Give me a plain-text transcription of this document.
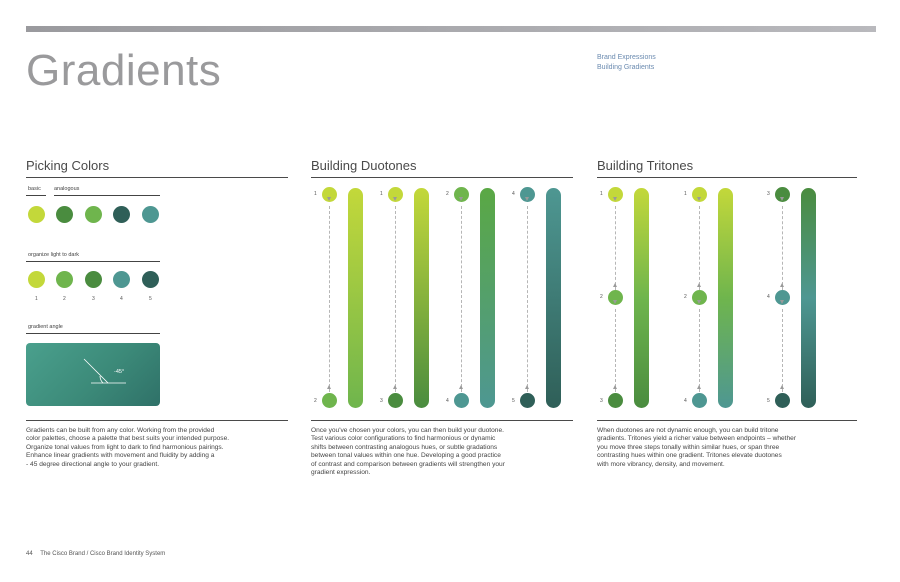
Gradients	Brand Expressions
Building Gradients
Picking Colors	Building Duotones	Building Tritones
basic analogous
organize light to dark
1	2	3	4	5
gradient angle
-45°
1
2
1
3
2
4
4
5
1
2
3
1
2
4
3
4
5
Gradients can be built from any color. Working from the provided
color palettes, choose a palette that best suits your intended purpose.
Organize tonal values from light to dark to find harmonious pairings.
Enhance linear gradients with movement and fluidity by adding a
- 45 degree directional angle to your gradient.
Once you've chosen your colors, you can then build your duotone.
Test various color configurations to find harmonious or dynamic
shifts between contrasting analogous hues, or subtle gradations
between tonal values within one hue. Developing a good practice
of contrast and comparison between gradients will strengthen your
gradient expression.
When duotones are not dynamic enough, you can build tritone
gradients. Tritones yield a richer value between endpoints – whether
you move three steps tonally within similar hues, or span three
contrasting hues within one gradient. Tritones elevate duotones
with more vibrancy, density, and movement.
44 The Cisco Brand / Cisco Brand Identity System
